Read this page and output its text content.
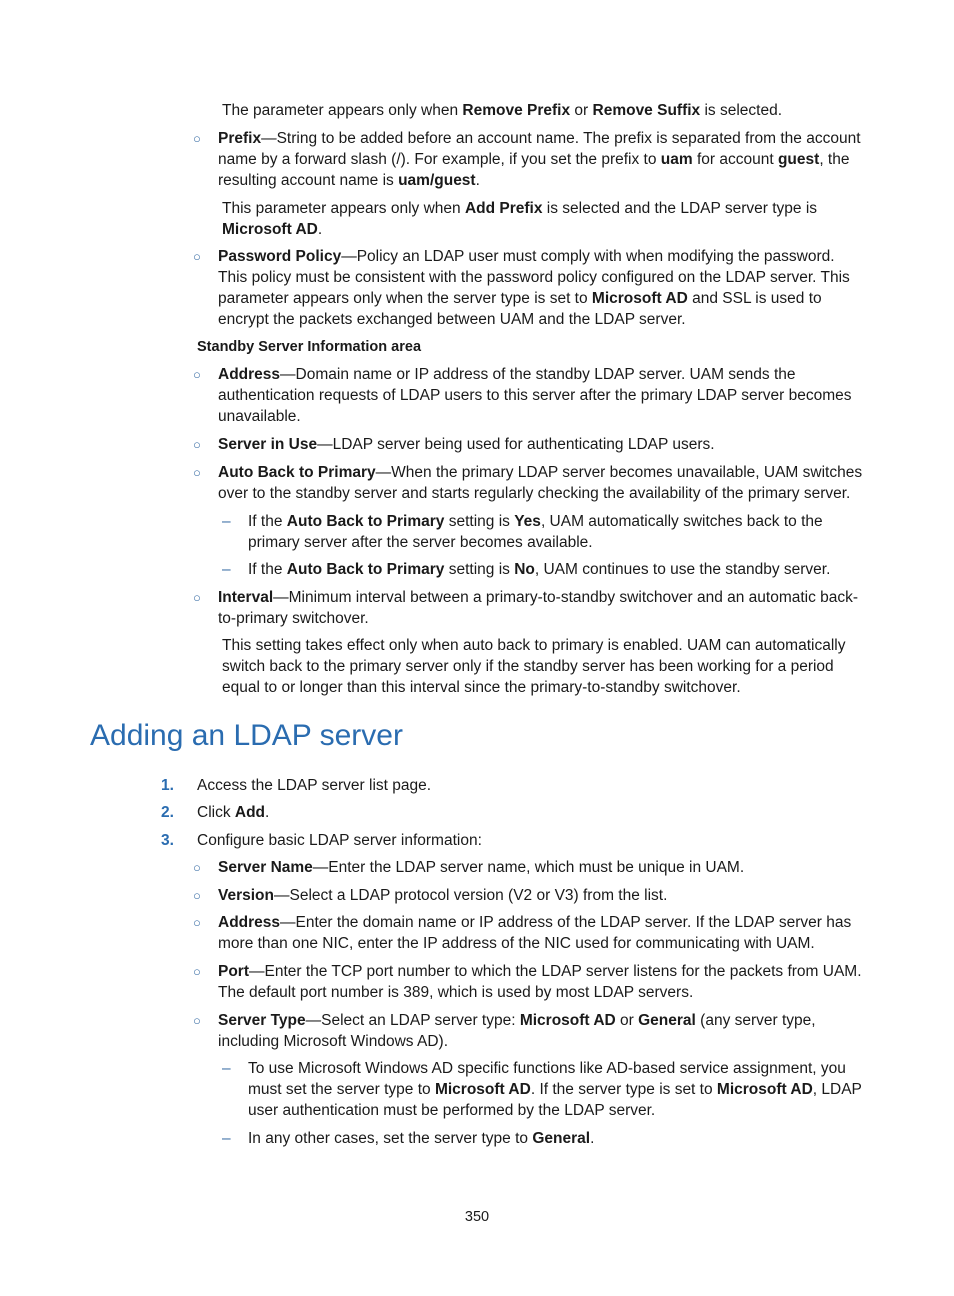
The parameter appears only when Remove Prefix or Remove Suffix is selected.

○ Prefix—String to be added before an account name. The prefix is separated from the account name by a forward slash (/). For example, if you set the prefix to uam for account guest, the resulting account name is uam/guest.

This parameter appears only when Add Prefix is selected and the LDAP server type is Microsoft AD.

○ Password Policy—Policy an LDAP user must comply with when modifying the password. This policy must be consistent with the password policy configured on the LDAP server. This parameter appears only when the server type is set to Microsoft AD and SSL is used to encrypt the packets exchanged between UAM and the LDAP server.

Standby Server Information area
○ Address—Domain name or IP address of the standby LDAP server. UAM sends the authentication requests of LDAP users to this server after the primary LDAP server becomes unavailable.

○ Server in Use—LDAP server being used for authenticating LDAP users.

○ Auto Back to Primary—When the primary LDAP server becomes unavailable, UAM switches over to the standby server and starts regularly checking the availability of the primary server.

– If the Auto Back to Primary setting is Yes, UAM automatically switches back to the primary server after the server becomes available.

– If the Auto Back to Primary setting is No, UAM continues to use the standby server.

○ Interval—Minimum interval between a primary-to-standby switchover and an automatic back-to-primary switchover.

This setting takes effect only when auto back to primary is enabled. UAM can automatically switch back to the primary server only if the standby server has been working for a period equal to or longer than this interval since the primary-to-standby switchover.

Adding an LDAP server
1. Access the LDAP server list page.

2. Click Add.

3. Configure basic LDAP server information:

○ Server Name—Enter the LDAP server name, which must be unique in UAM.

○ Version—Select a LDAP protocol version (V2 or V3) from the list.

○ Address—Enter the domain name or IP address of the LDAP server. If the LDAP server has more than one NIC, enter the IP address of the NIC used for communicating with UAM.

○ Port—Enter the TCP port number to which the LDAP server listens for the packets from UAM. The default port number is 389, which is used by most LDAP servers.

○ Server Type—Select an LDAP server type: Microsoft AD or General (any server type, including Microsoft Windows AD).

– To use Microsoft Windows AD specific functions like AD-based service assignment, you must set the server type to Microsoft AD. If the server type is set to Microsoft AD, LDAP user authentication must be performed by the LDAP server.

– In any other cases, set the server type to General.

350
